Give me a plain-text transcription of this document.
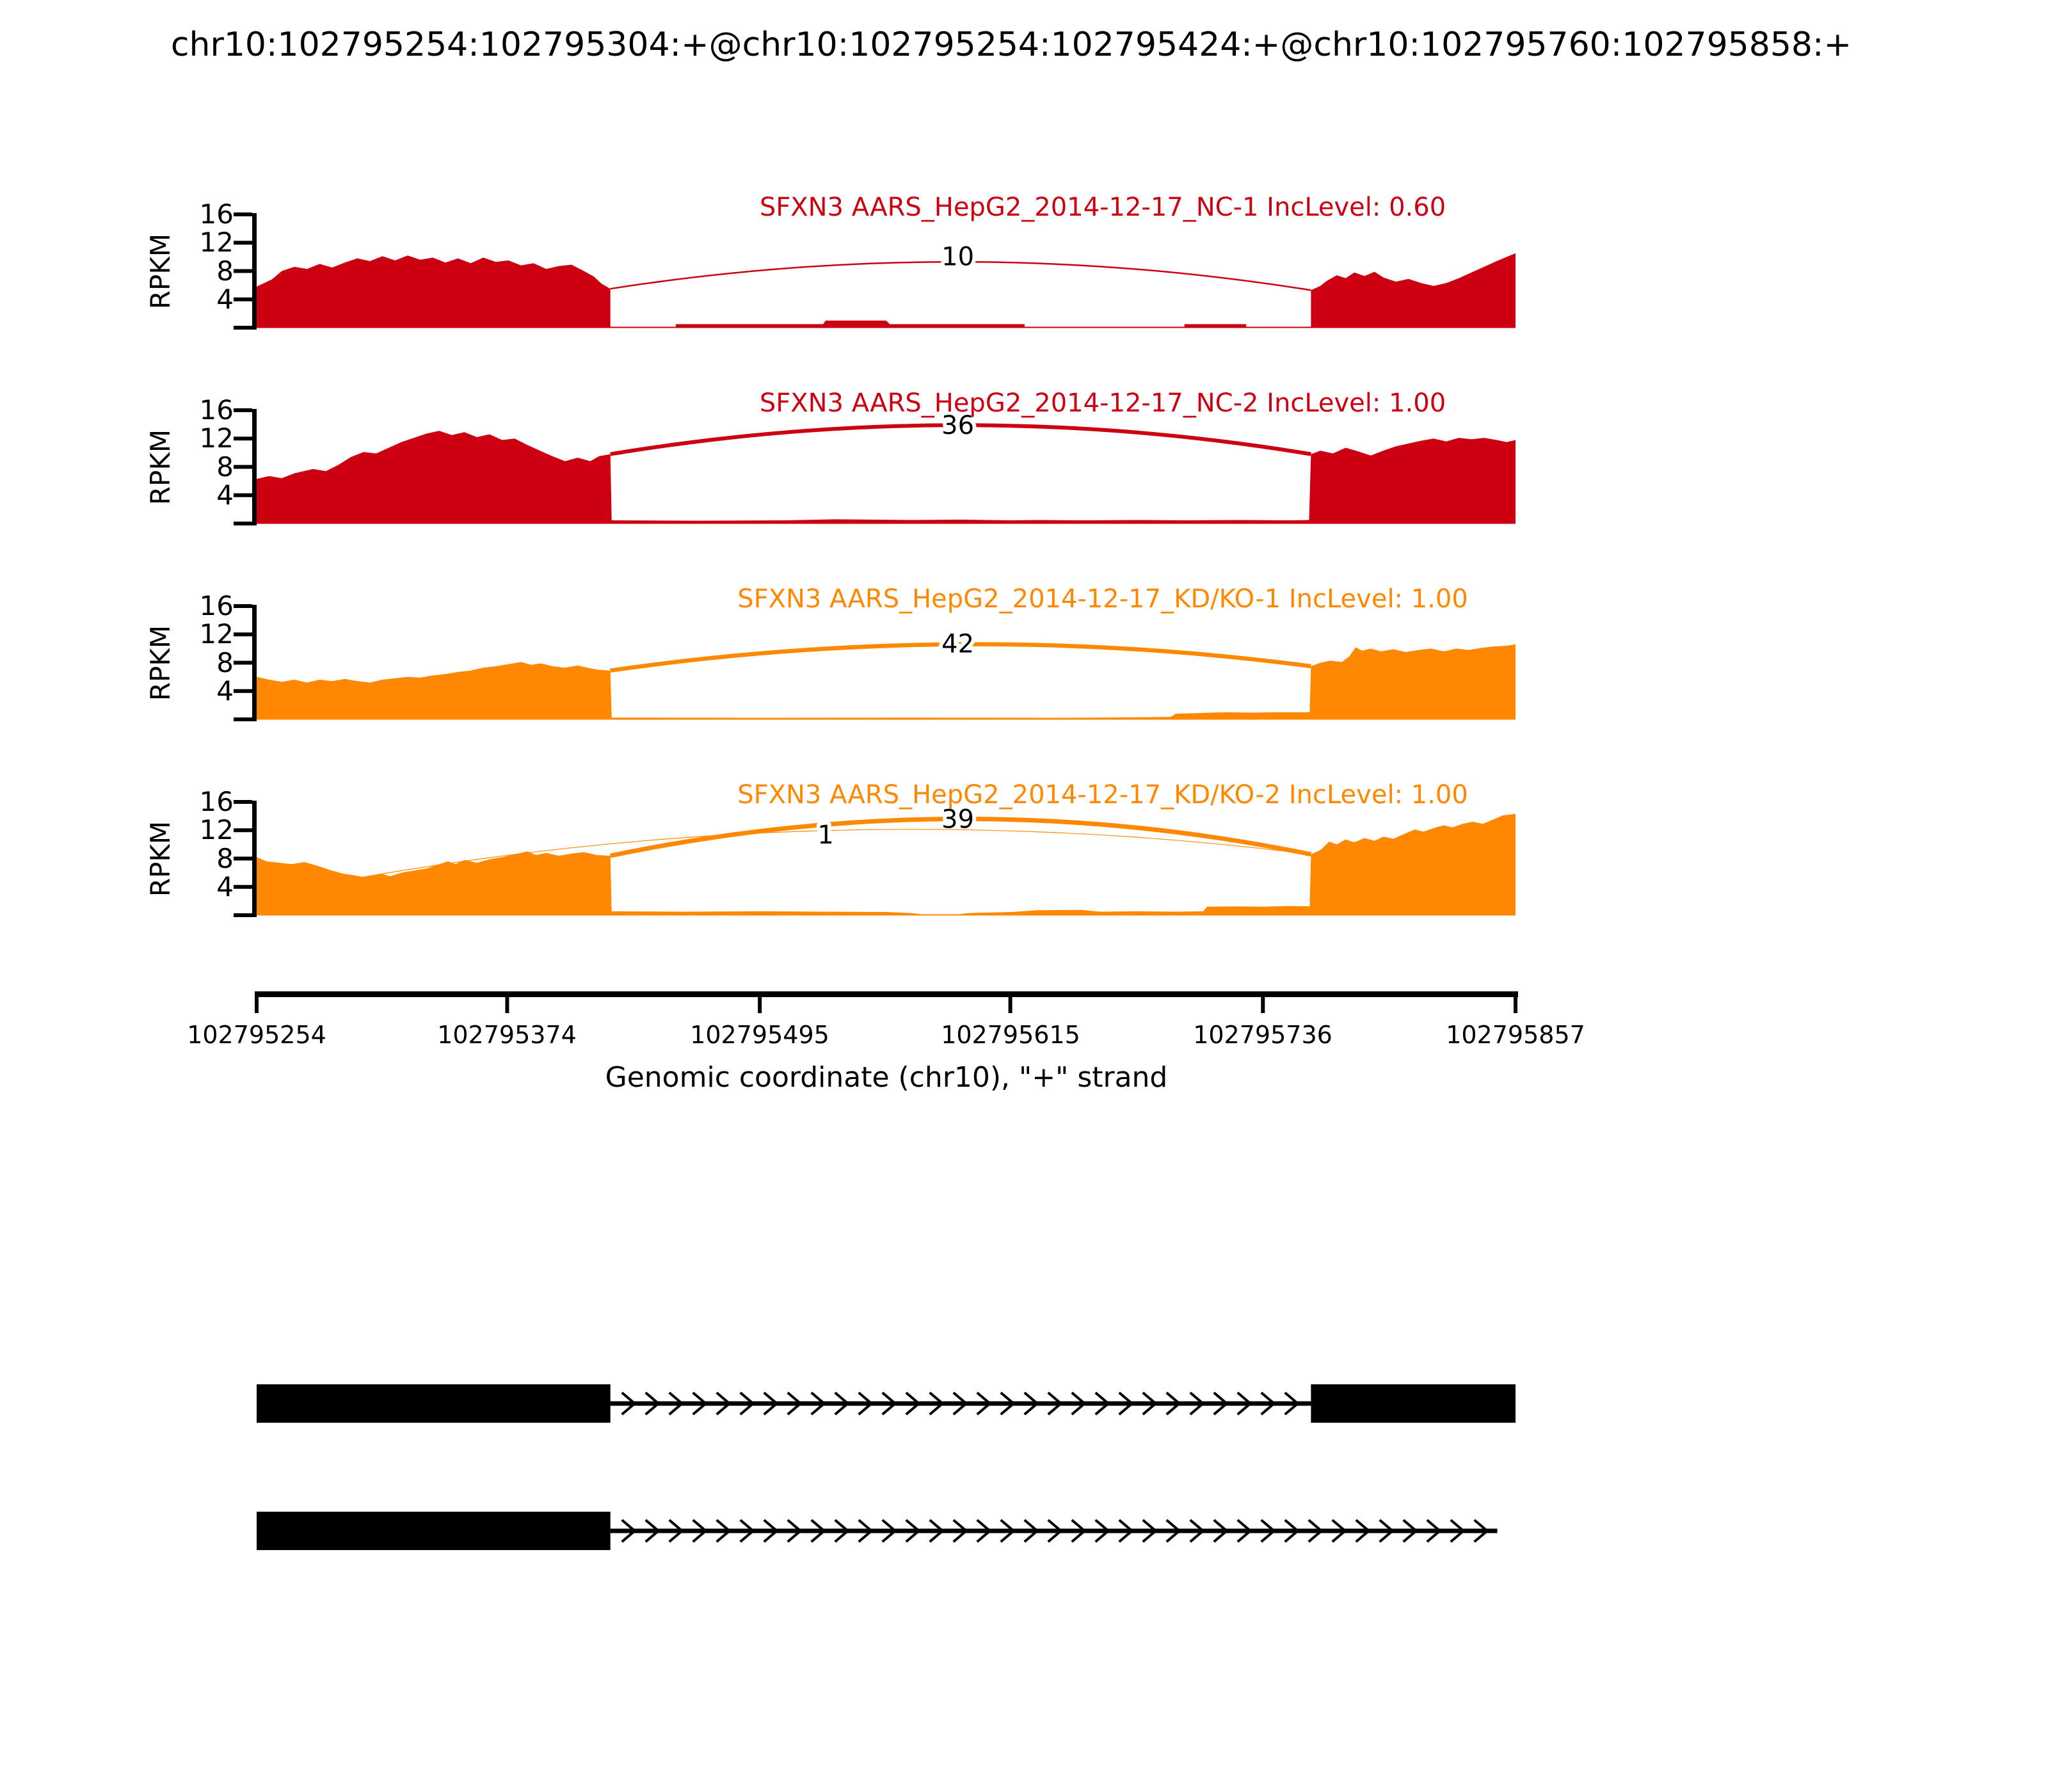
10
36
42
39
1
chr10:102795254:102795304:+@chr10:102795254:102795424:+@chr10:102795760:102795858:+
4
8
12
16
RPKM
SFXN3 AARS_HepG2_2014-12-17_NC-1 IncLevel: 0.60
4
8
12
16
RPKM
SFXN3 AARS_HepG2_2014-12-17_NC-2 IncLevel: 1.00
4
8
12
16
RPKM
SFXN3 AARS_HepG2_2014-12-17_KD/KO-1 IncLevel: 1.00
4
8
12
16
RPKM
SFXN3 AARS_HepG2_2014-12-17_KD/KO-2 IncLevel: 1.00
102795254	102795374	102795495	102795615	102795736	102795857
Genomic coordinate (chr10), "+" strand
